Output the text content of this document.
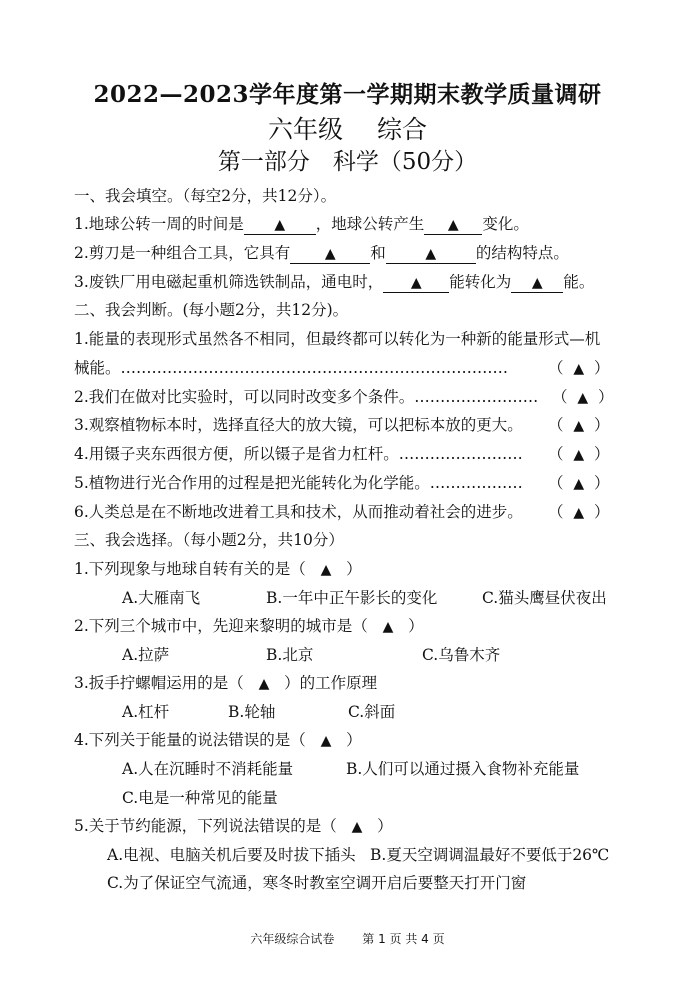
2022—2023学年度第一学期期末教学质量调研
六年级 综合
第一部分　科学（50分）
一、我会填空。（每空2分，共12分）。
1.地球公转一周的时间是 ▲ ，地球公转产生 ▲ 变化。
2.剪刀是一种组合工具，它具有 ▲ 和	▲	的结构特点。
3.废铁厂用电磁起重机筛选铁制品，通电时， ▲ 能转化为 ▲ 能。
二、我会判断。(每小题2分，共12分)。
1.能量的表现形式虽然各不相同，但最终都可以转化为一种新的能量形式—机
械能。…………………………………………………………………	（  ▲  ）
2.我们在做对比实验时，可以同时改变多个条件。…………………… （  ▲  ）
3.观察植物标本时，选择直径大的放大镜，可以把标本放的更大。 （  ▲  ）
4.用镊子夹东西很方便，所以镊子是省力杠杆。…………………… （  ▲  ）
5.植物进行光合作用的过程是把光能转化为化学能。……………… （  ▲  ）
6.人类总是在不断地改进着工具和技术，从而推动着社会的进步。 （  ▲  ）
三、我会选择。（每小题2分，共10分）
1.下列现象与地球自转有关的是（ ▲ ）
A.大雁南飞	B.一年中正午影长的变化	C.猫头鹰昼伏夜出
2.下列三个城市中，先迎来黎明的城市是（ ▲ ）
A.拉萨	B.北京	C.乌鲁木齐
3.扳手拧螺帽运用的是（ ▲ ）的工作原理
A.杠杆	B.轮轴	C.斜面
4.下列关于能量的说法错误的是（ ▲ ）
A.人在沉睡时不消耗能量	B.人们可以通过摄入食物补充能量
C.电是一种常见的能量
5.关于节约能源，下列说法错误的是（ ▲ ）
A.电视、电脑关机后要及时拔下插头 B.夏天空调调温最好不要低于26℃
C.为了保证空气流通，寒冬时教室空调开启后要整天打开门窗
六年级综合试卷 第 1 页 共 4 页
